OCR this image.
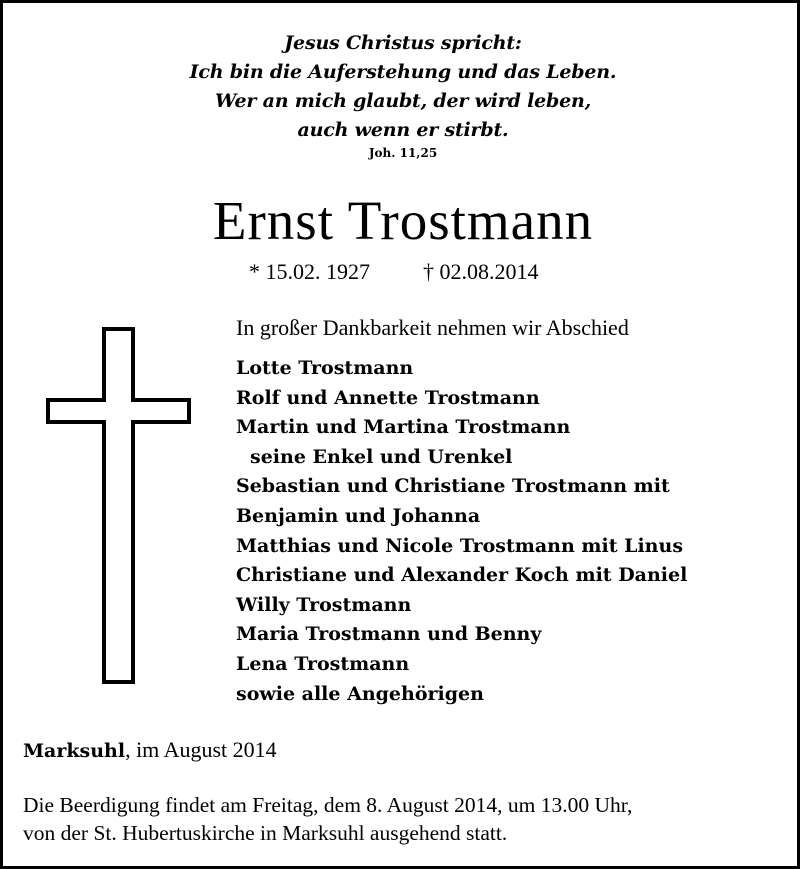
Jesus Christus spricht:
Ich bin die Auferstehung und das Leben.
Wer an mich glaubt, der wird leben,
auch wenn er stirbt.
Joh. 11,25
Ernst Trostmann
* 15.02. 1927 † 02.08.2014
In großer Dankbarkeit nehmen wir Abschied
Lotte Trostmann
Rolf und Annette Trostmann
Martin und Martina Trostmann
seine Enkel und Urenkel
Sebastian und Christiane Trostmann mit
Benjamin und Johanna
Matthias und Nicole Trostmann mit Linus
Christiane und Alexander Koch mit Daniel
Willy Trostmann
Maria Trostmann und Benny
Lena Trostmann
sowie alle Angehörigen
Marksuhl, im August 2014
Die Beerdigung findet am Freitag, dem 8. August 2014, um 13.00 Uhr,
von der St. Hubertuskirche in Marksuhl ausgehend statt.
